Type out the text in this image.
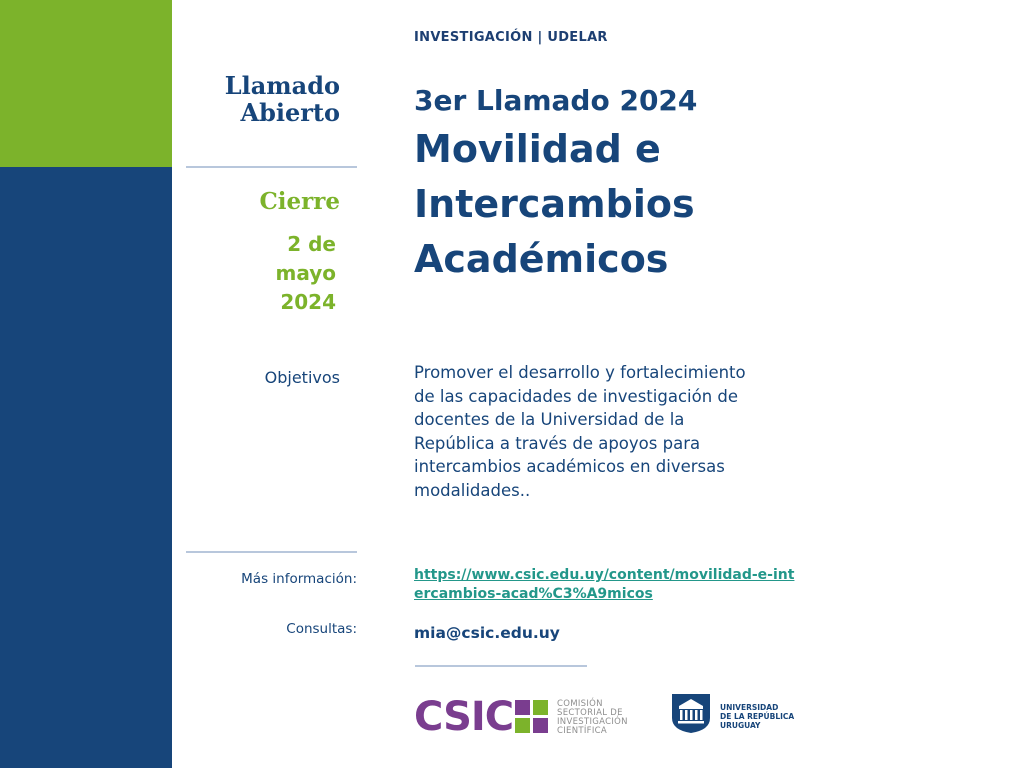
INVESTIGACIÓN | UDELAR
Llamado
Abierto
Cierre
2 de
mayo
2024
3er Llamado 2024
Movilidad e
Intercambios
Académicos
Objetivos	Promover el desarrollo y fortalecimiento
de las capacidades de investigación de
docentes de la Universidad de la
República a través de apoyos para
intercambios académicos en diversas
modalidades..
Más información:	https://www.csic.edu.uy/content/movilidad-e-int
ercambios-acad%C3%A9micos
Consultas:	mia@csic.edu.uy
CSIC	COMISIÓN
SECTORIAL DE
INVESTIGACIÓN
CIENTÍFICA
UNIVERSIDAD
DE LA REPÚBLICA
URUGUAY
